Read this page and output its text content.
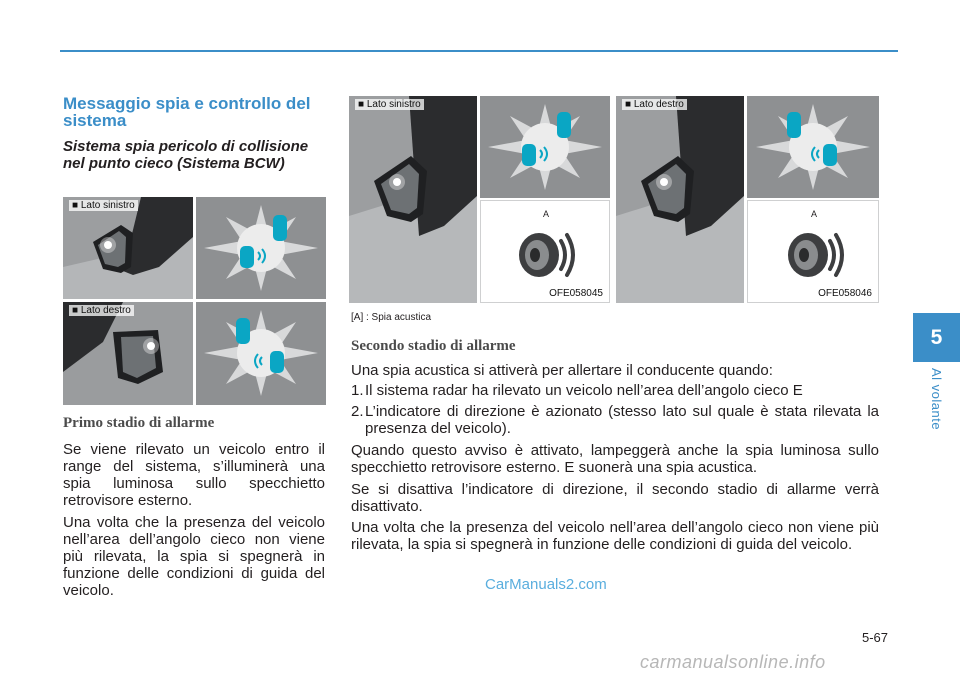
Messaggio spia e controllo del sistema
Sistema spia pericolo di collisione nel punto cieco (Sistema BCW)
■ Lato sinistro
■ Lato destro
Primo stadio di allarme
Se viene rilevato un veicolo entro il range del sistema, s’illuminerà una spia luminosa sullo specchietto retrovisore esterno.
Una volta che la presenza del veicolo nell’area dell’angolo cieco non viene più rilevata, la spia si spegnerà in funzione delle condizioni di guida del veicolo.
■ Lato sinistro
A
OFE058045
■ Lato destro
A
OFE058046
[A] : Spia acustica
Secondo stadio di allarme
Una spia acustica si attiverà per allertare il conducente quando:
1. Il sistema radar ha rilevato un veicolo nell’area dell’angolo cieco E
2. L’indicatore di direzione è azionato (stesso lato sul quale è stata rilevata la presenza del veicolo).
Quando questo avviso è attivato, lampeggerà anche la spia luminosa sullo specchietto retrovisore esterno. E suonerà una spia acustica.
Se si disattiva l’indicatore di direzione, il secondo stadio di allarme verrà disattivato.
Una volta che la presenza del veicolo nell’area dell’angolo cieco non viene più rilevata, la spia si spegnerà in funzione delle condizioni di guida del veicolo.
5
Al volante
5-67
CarManuals2.com
carmanualsonline.info
